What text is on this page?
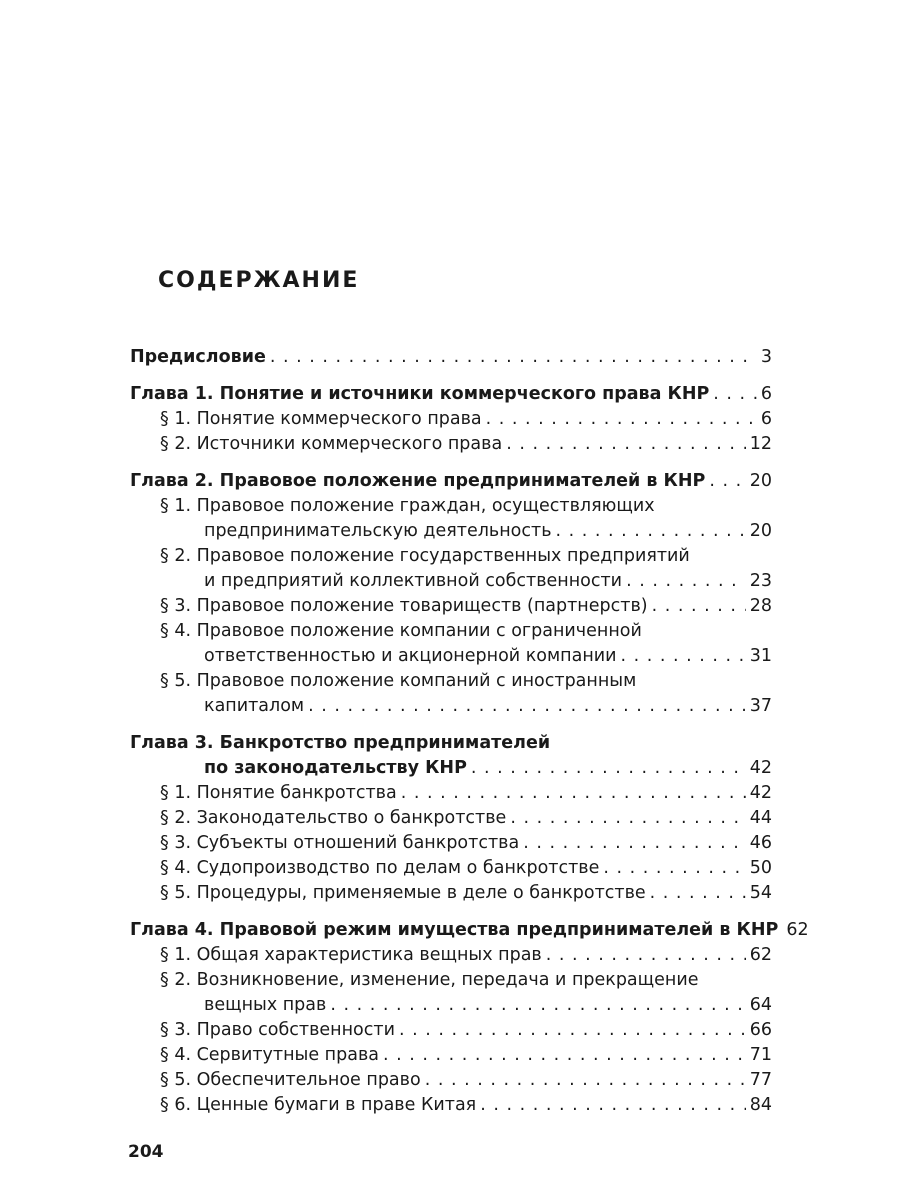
СОДЕРЖАНИЕ
Предисловие . . .	3
Глава 1. Понятие и источники коммерческого права КНР . . .	6
§ 1. Понятие коммерческого права . . .	6
§ 2. Источники коммерческого права . . .	12
Глава 2. Правовое положение предпринимателей в КНР . . .	20
§ 1. Правовое положение граждан, осуществляющих
предпринимательскую деятельность . . .	20
§ 2. Правовое положение государственных предприятий
и предприятий коллективной собственности . . .	23
§ 3. Правовое положение товариществ (партнерств) . . .	28
§ 4. Правовое положение компании с ограниченной
ответственностью и акционерной компании . . .	31
§ 5. Правовое положение компаний с иностранным
капиталом . . .	37
Глава 3. Банкротство предпринимателей
по законодательству КНР . . .	42
§ 1. Понятие банкротства . . .	42
§ 2. Законодательство о банкротстве . . .	44
§ 3. Субъекты отношений банкротства . . .	46
§ 4. Судопроизводство по делам о банкротстве . . .	50
§ 5. Процедуры, применяемые в деле о банкротстве . . .	54
Глава 4. Правовой режим имущества предпринимателей в КНР 62
§ 1. Общая характеристика вещных прав . . .	62
§ 2. Возникновение, изменение, передача и прекращение
вещных прав . . .	64
§ 3. Право собственности . . .	66
§ 4. Сервитутные права . . .	71
§ 5. Обеспечительное право . . .	77
§ 6. Ценные бумаги в праве Китая . . .	84
204
